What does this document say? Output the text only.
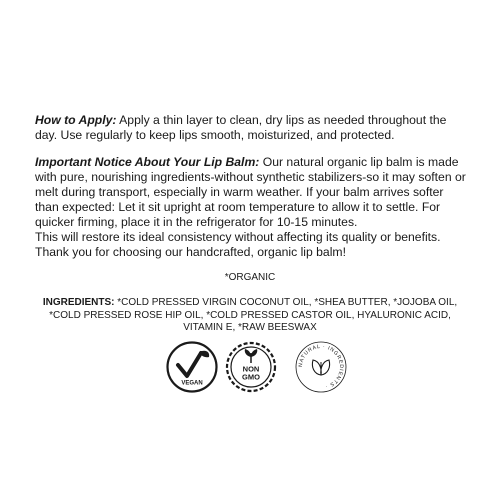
How to Apply: Apply a thin layer to clean, dry lips as needed throughout the day. Use regularly to keep lips smooth, moisturized, and protected.

Important Notice About Your Lip Balm: Our natural organic lip balm is made with pure, nourishing ingredients-without synthetic stabilizers-so it may soften or melt during transport, especially in warm weather. If your balm arrives softer than expected: Let it sit upright at room temperature to allow it to settle. For quicker firming, place it in the refrigerator for 10-15 minutes.
This will restore its ideal consistency without affecting its quality or benefits.
Thank you for choosing our handcrafted, organic lip balm!

*ORGANIC

INGREDIENTS: *COLD PRESSED VIRGIN COCONUT OIL, *SHEA BUTTER, *JOJOBA OIL, *COLD PRESSED ROSE HIP OIL, *COLD PRESSED CASTOR OIL, HYALURONIC ACID, VITAMIN E, *RAW BEESWAX

VEGAN
NON
GMO
NATURAL · INGREDIENTS ·
